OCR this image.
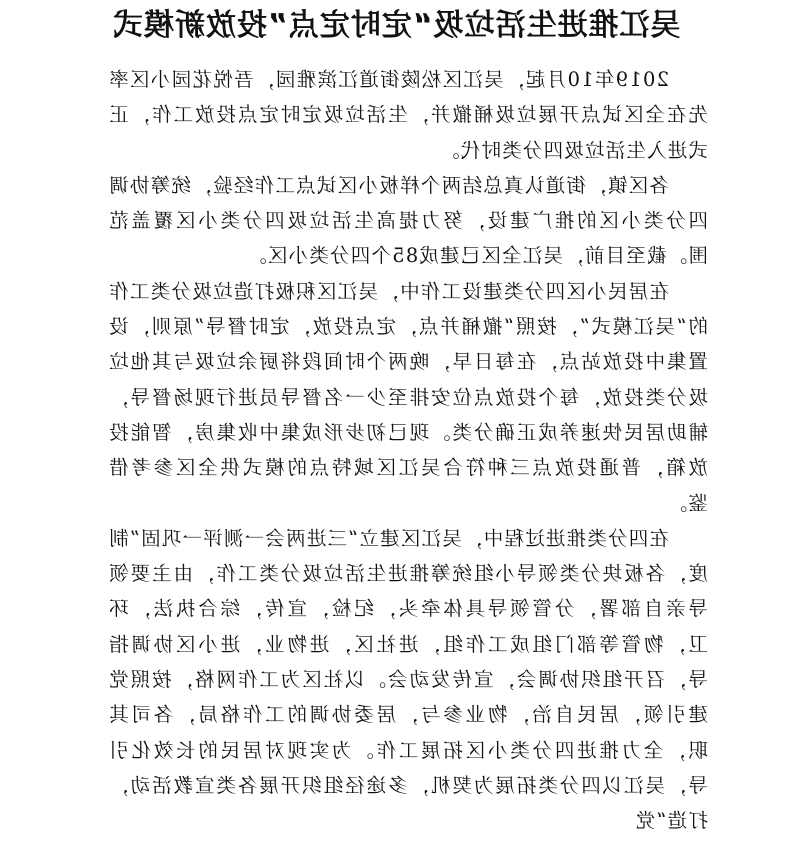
吴江推进生活垃圾“定时定点”投放新模式

2019年10月起，吴江区松陵街道江滨雅园，吾悦花园小区率先在全区试点开展垃圾桶撤并，生活垃圾定时定点投放工作，正式进入生活垃圾四分类时代。

各区镇，街道认真总结两个样板小区试点工作经验，统筹协调四分类小区的推广建设，努力提高生活垃圾四分类小区覆盖范围。截至目前，吴江全区已建成85个四分类小区。

在居民小区四分类建设工作中，吴江区积极打造垃圾分类工作的“吴江模式”，按照“撤桶并点，定点投放，定时督导”原则，设置集中投放站点，在每日早，晚两个时间段将厨余垃圾与其他垃圾分类投放，每个投放点位安排至少一名督导员进行现场督导，辅助居民快速养成正确分类。现已初步形成集中收集房，智能投放箱，普通投放点三种符合吴江区域特点的模式供全区参考借鉴。

在四分类推进过程中，吴江区建立“三进两会一测评一巩固”制度，各板块分类领导小组统筹推进生活垃圾分类工作，由主要领导亲自部署，分管领导具体牵头，纪检，宣传，综合执法，环卫，物管等部门组成工作组，进社区，进物业，进小区协调指导，召开组织协调会，宣传发动会。以社区为工作网格，按照党建引领，居民自治，物业参与，居委协调的工作格局，各司其职，全力推进四分类小区拓展工作。为实现对居民的长效化引导，吴江以四分类拓展为契机，多途径组织开展各类宣教活动，打造“党
